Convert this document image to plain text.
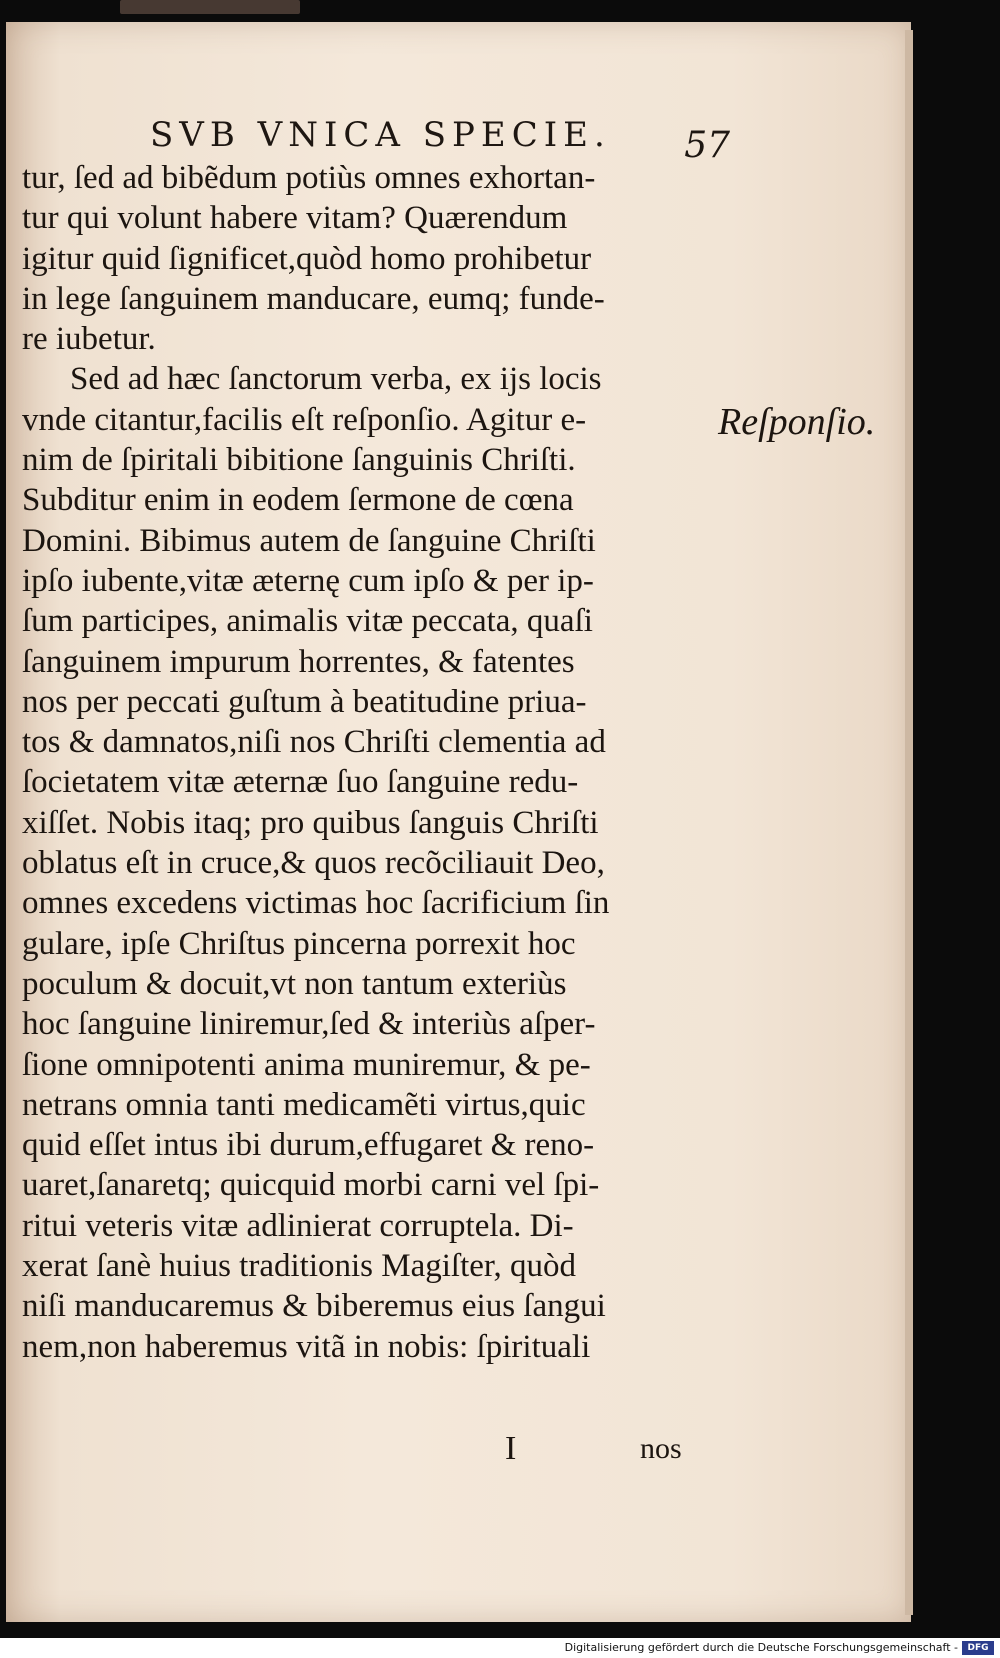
SVB VNICA SPECIE. 57
tur, ſed ad bibẽdum potiùs omnes exhortan-
tur qui volunt habere vitam? Quærendum
igitur quid ſignificet,quòd homo prohibetur
in lege ſanguinem manducare, eumq; funde-
re iubetur.
Sed ad hæc ſanctorum verba, ex ijs locis
vnde citantur,facilis eſt reſponſio. Agitur e-
nim de ſpiritali bibitione ſanguinis Chriſti.
Subditur enim in eodem ſermone de cœna
Domini. Bibimus autem de ſanguine Chriſti
ipſo iubente,vitæ æternę cum ipſo & per ip-
ſum participes, animalis vitæ peccata, quaſi
ſanguinem impurum horrentes, & fatentes
nos per peccati guſtum à beatitudine priua-
tos & damnatos,niſi nos Chriſti clementia ad
ſocietatem vitæ æternæ ſuo ſanguine redu-
xiſſet. Nobis itaq; pro quibus ſanguis Chriſti
oblatus eſt in cruce,& quos recõciliauit Deo,
omnes excedens victimas hoc ſacrificium ſin
gulare, ipſe Chriſtus pincerna porrexit hoc
poculum & docuit,vt non tantum exteriùs
hoc ſanguine liniremur,ſed & interiùs aſper-
ſione omnipotenti anima muniremur, & pe-
netrans omnia tanti medicamẽti virtus,quic
quid eſſet intus ibi durum,effugaret & reno-
uaret,ſanaretq; quicquid morbi carni vel ſpi-
ritui veteris vitæ adlinierat corruptela. Di-
xerat ſanè huius traditionis Magiſter, quòd
niſi manducaremus & biberemus eius ſangui
nem,non haberemus vitã in nobis: ſpirituali
Reſponſio.
I	nos
Digitalisierung gefördert durch die Deutsche Forschungsgemeinschaft -	DFG
